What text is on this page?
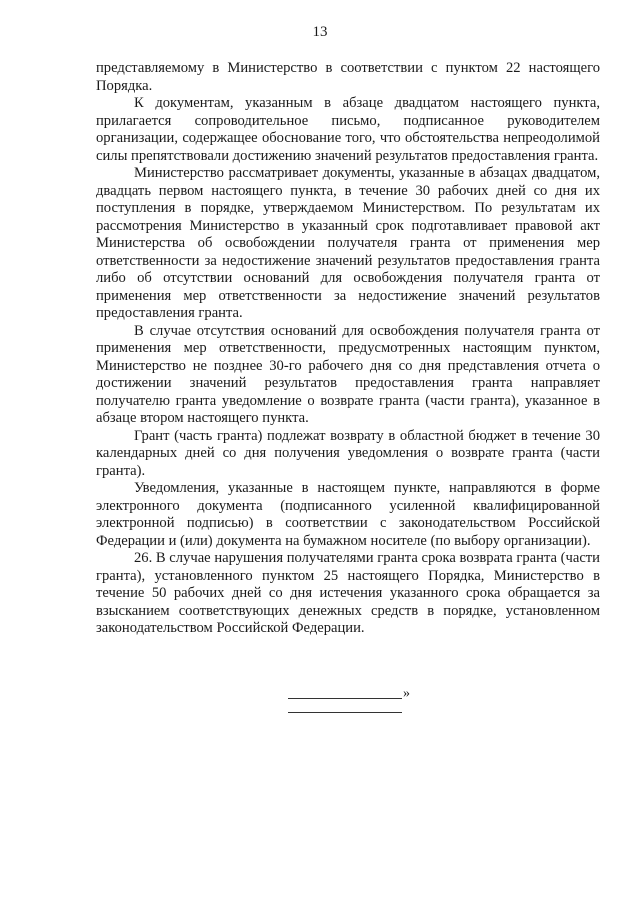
13

представляемому в Министерство в соответствии с пунктом 22 настоящего Порядка.

К документам, указанным в абзаце двадцатом настоящего пункта, прилагается сопроводительное письмо, подписанное руководителем организации, содержащее обоснование того, что обстоятельства непреодолимой силы препятствовали достижению значений результатов предоставления гранта.

Министерство рассматривает документы, указанные в абзацах двадцатом, двадцать первом настоящего пункта, в течение 30 рабочих дней со дня их поступления в порядке, утверждаемом Министерством. По результатам их рассмотрения Министерство в указанный срок подготавливает правовой акт Министерства об освобождении получателя гранта от применения мер ответственности за недостижение значений результатов предоставления гранта либо об отсутствии оснований для освобождения получателя гранта от применения мер ответственности за недостижение значений результатов предоставления гранта.

В случае отсутствия оснований для освобождения получателя гранта от применения мер ответственности, предусмотренных настоящим пунктом, Министерство не позднее 30-го рабочего дня со дня представления отчета о достижении значений результатов предоставления гранта направляет получателю гранта уведомление о возврате гранта (части гранта), указанное в абзаце втором настоящего пункта.

Грант (часть гранта) подлежат возврату в областной бюджет в течение 30 календарных дней со дня получения уведомления о возврате гранта (части гранта).

Уведомления, указанные в настоящем пункте, направляются в форме электронного документа (подписанного усиленной квалифицированной электронной подписью) в соответствии с законодательством Российской Федерации и (или) документа на бумажном носителе (по выбору организации).

26. В случае нарушения получателями гранта срока возврата гранта (части гранта), установленного пунктом 25 настоящего Порядка, Министерство в течение 50 рабочих дней со дня истечения указанного срока обращается за взысканием соответствующих денежных средств в порядке, установленном законодательством Российской Федерации.

»
